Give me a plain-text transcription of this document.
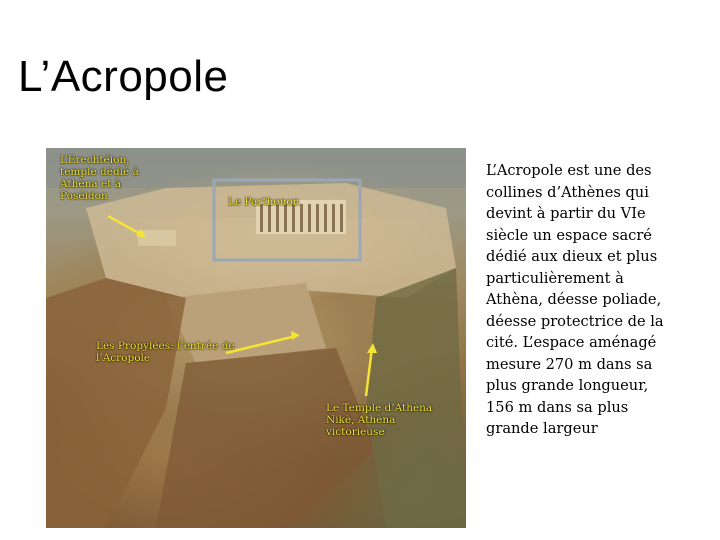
L’Acropole
L’Erechtéion, temple dédié à Athèna et à Poséidon	Le Parthenon
Les Propylées: l’entrée de l’Acropole
Le Temple d’Athèna Nikè, Athèna victorieuse

L’Acropole est une des collines d’Athènes qui devint à partir du VIe siècle un espace sacré dédié aux dieux et plus particulièrement à Athèna, déesse poliade, déesse protectrice de la cité. L’espace aménagé mesure 270 m dans sa plus grande longueur, 156 m dans sa plus grande largeur
